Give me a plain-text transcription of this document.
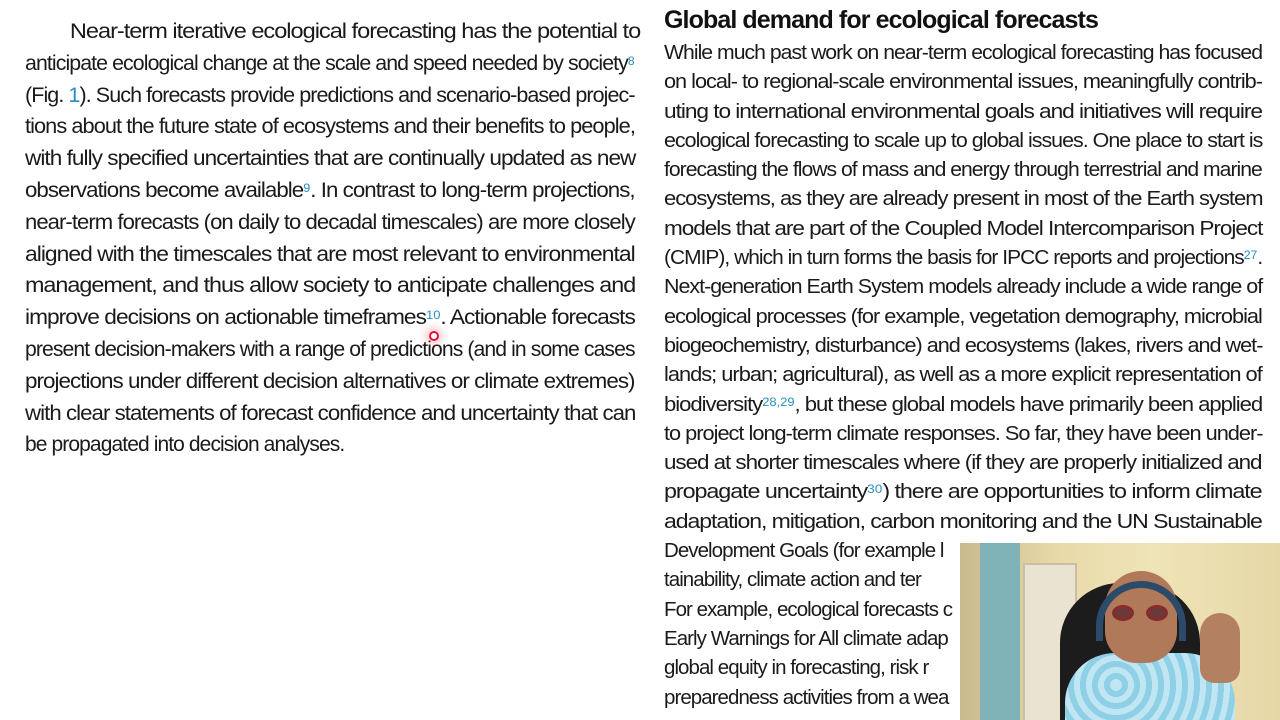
Near-term iterative ecological forecasting has the potential to
anticipate ecological change at the scale and speed needed by society$^8$
(Fig. 1). Such forecasts provide predictions and scenario-based projec-
tions about the future state of ecosystems and their benefits to people,
with fully specified uncertainties that are continually updated as new
observations become available$^9$. In contrast to long-term projections,
near-term forecasts (on daily to decadal timescales) are more closely
aligned with the timescales that are most relevant to environmental
management, and thus allow society to anticipate challenges and
improve decisions on actionable timeframes$^{10}$. Actionable forecasts
present decision-makers with a range of predictions (and in some cases
projections under different decision alternatives or climate extremes)
with clear statements of forecast confidence and uncertainty that can
be propagated into decision analyses.
Global demand for ecological forecasts
While much past work on near-term ecological forecasting has focused
on local- to regional-scale environmental issues, meaningfully contrib-
uting to international environmental goals and initiatives will require
ecological forecasting to scale up to global issues. One place to start is
forecasting the flows of mass and energy through terrestrial and marine
ecosystems, as they are already present in most of the Earth system
models that are part of the Coupled Model Intercomparison Project
(CMIP), which in turn forms the basis for IPCC reports and projections$^{27}$.
Next-generation Earth System models already include a wide range of
ecological processes (for example, vegetation demography, microbial
biogeochemistry, disturbance) and ecosystems (lakes, rivers and wet-
lands; urban; agricultural), as well as a more explicit representation of
biodiversity$^{28,29}$, but these global models have primarily been applied
to project long-term climate responses. So far, they have been under-
used at shorter timescales where (if they are properly initialized and
propagate uncertainty$^{30}$) there are opportunities to inform climate
adaptation, mitigation, carbon monitoring and the UN Sustainable
Development Goals (for example l
tainability, climate action and ter
For example, ecological forecasts c
Early Warnings for All climate adap
global equity in forecasting, risk r
preparedness activities from a wea
